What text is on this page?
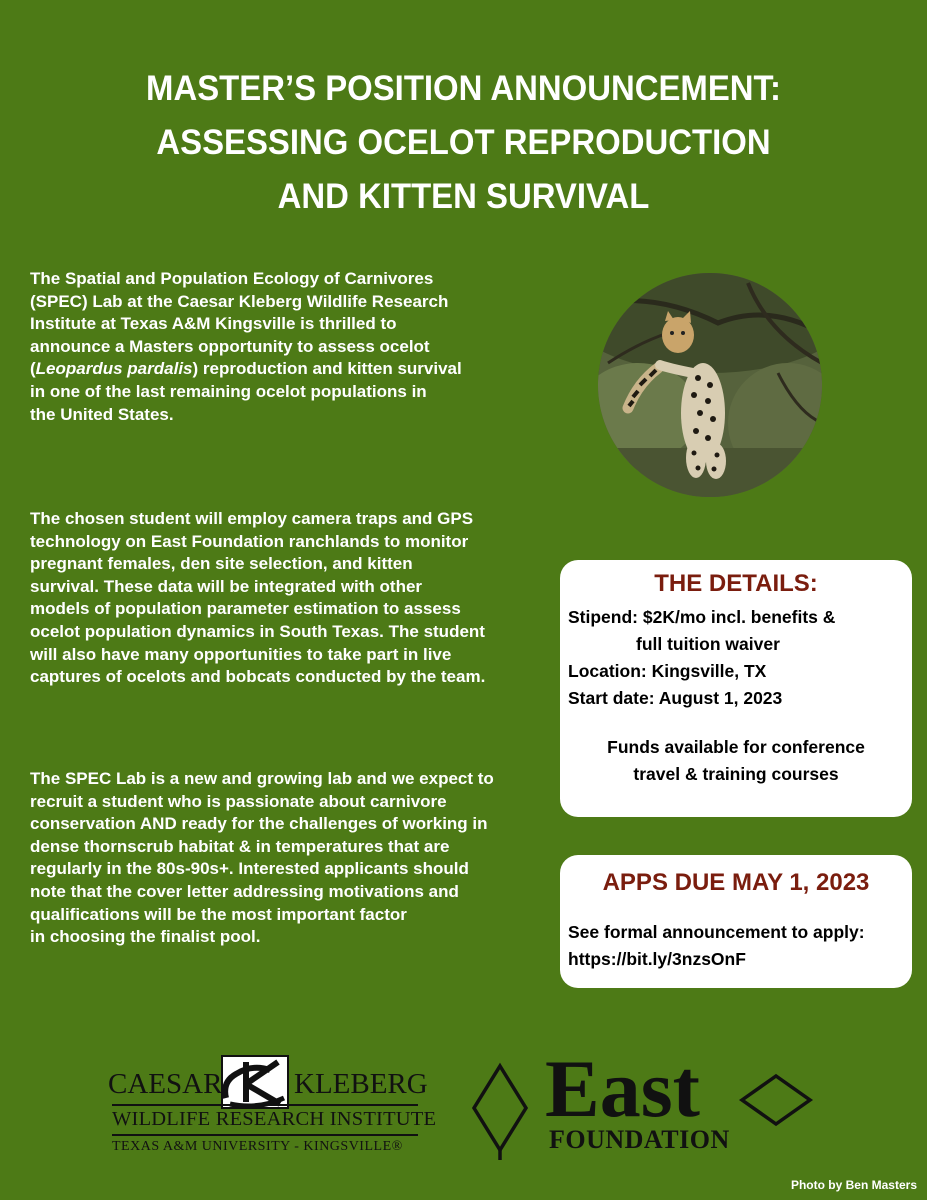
MASTER’S POSITION ANNOUNCEMENT:
ASSESSING OCELOT REPRODUCTION
AND KITTEN SURVIVAL
The Spatial and Population Ecology of Carnivores
(SPEC) Lab at the Caesar Kleberg Wildlife Research
Institute at Texas A&M Kingsville is thrilled to
announce a Masters opportunity to assess ocelot
(Leopardus pardalis) reproduction and kitten survival
in one of the last remaining ocelot populations in
the United States.
The chosen student will employ camera traps and GPS
technology on East Foundation ranchlands to monitor
pregnant females, den site selection, and kitten
survival. These data will be integrated with other
models of population parameter estimation to assess
ocelot population dynamics in South Texas. The student
will also have many opportunities to take part in live
captures of ocelots and bobcats conducted by the team.
The SPEC Lab is a new and growing lab and we expect to
recruit a student who is passionate about carnivore
conservation AND ready for the challenges of working in
dense thornscrub habitat & in temperatures that are
regularly in the 80s-90s+. Interested applicants should
note that the cover letter addressing motivations and
qualifications will be the most important factor
in choosing the finalist pool.
THE DETAILS:
Stipend: $2K/mo incl. benefits &
full tuition waiver
Location: Kingsville, TX
Start date: August 1, 2023
Funds available for conference
travel & training courses
APPS DUE MAY 1, 2023
See formal announcement to apply:
https://bit.ly/3nzsOnF
CAESAR KLEBERG
WILDLIFE RESEARCH INSTITUTE
TEXAS A&M UNIVERSITY - KINGSVILLE®
East
FOUNDATION
Photo by Ben Masters
